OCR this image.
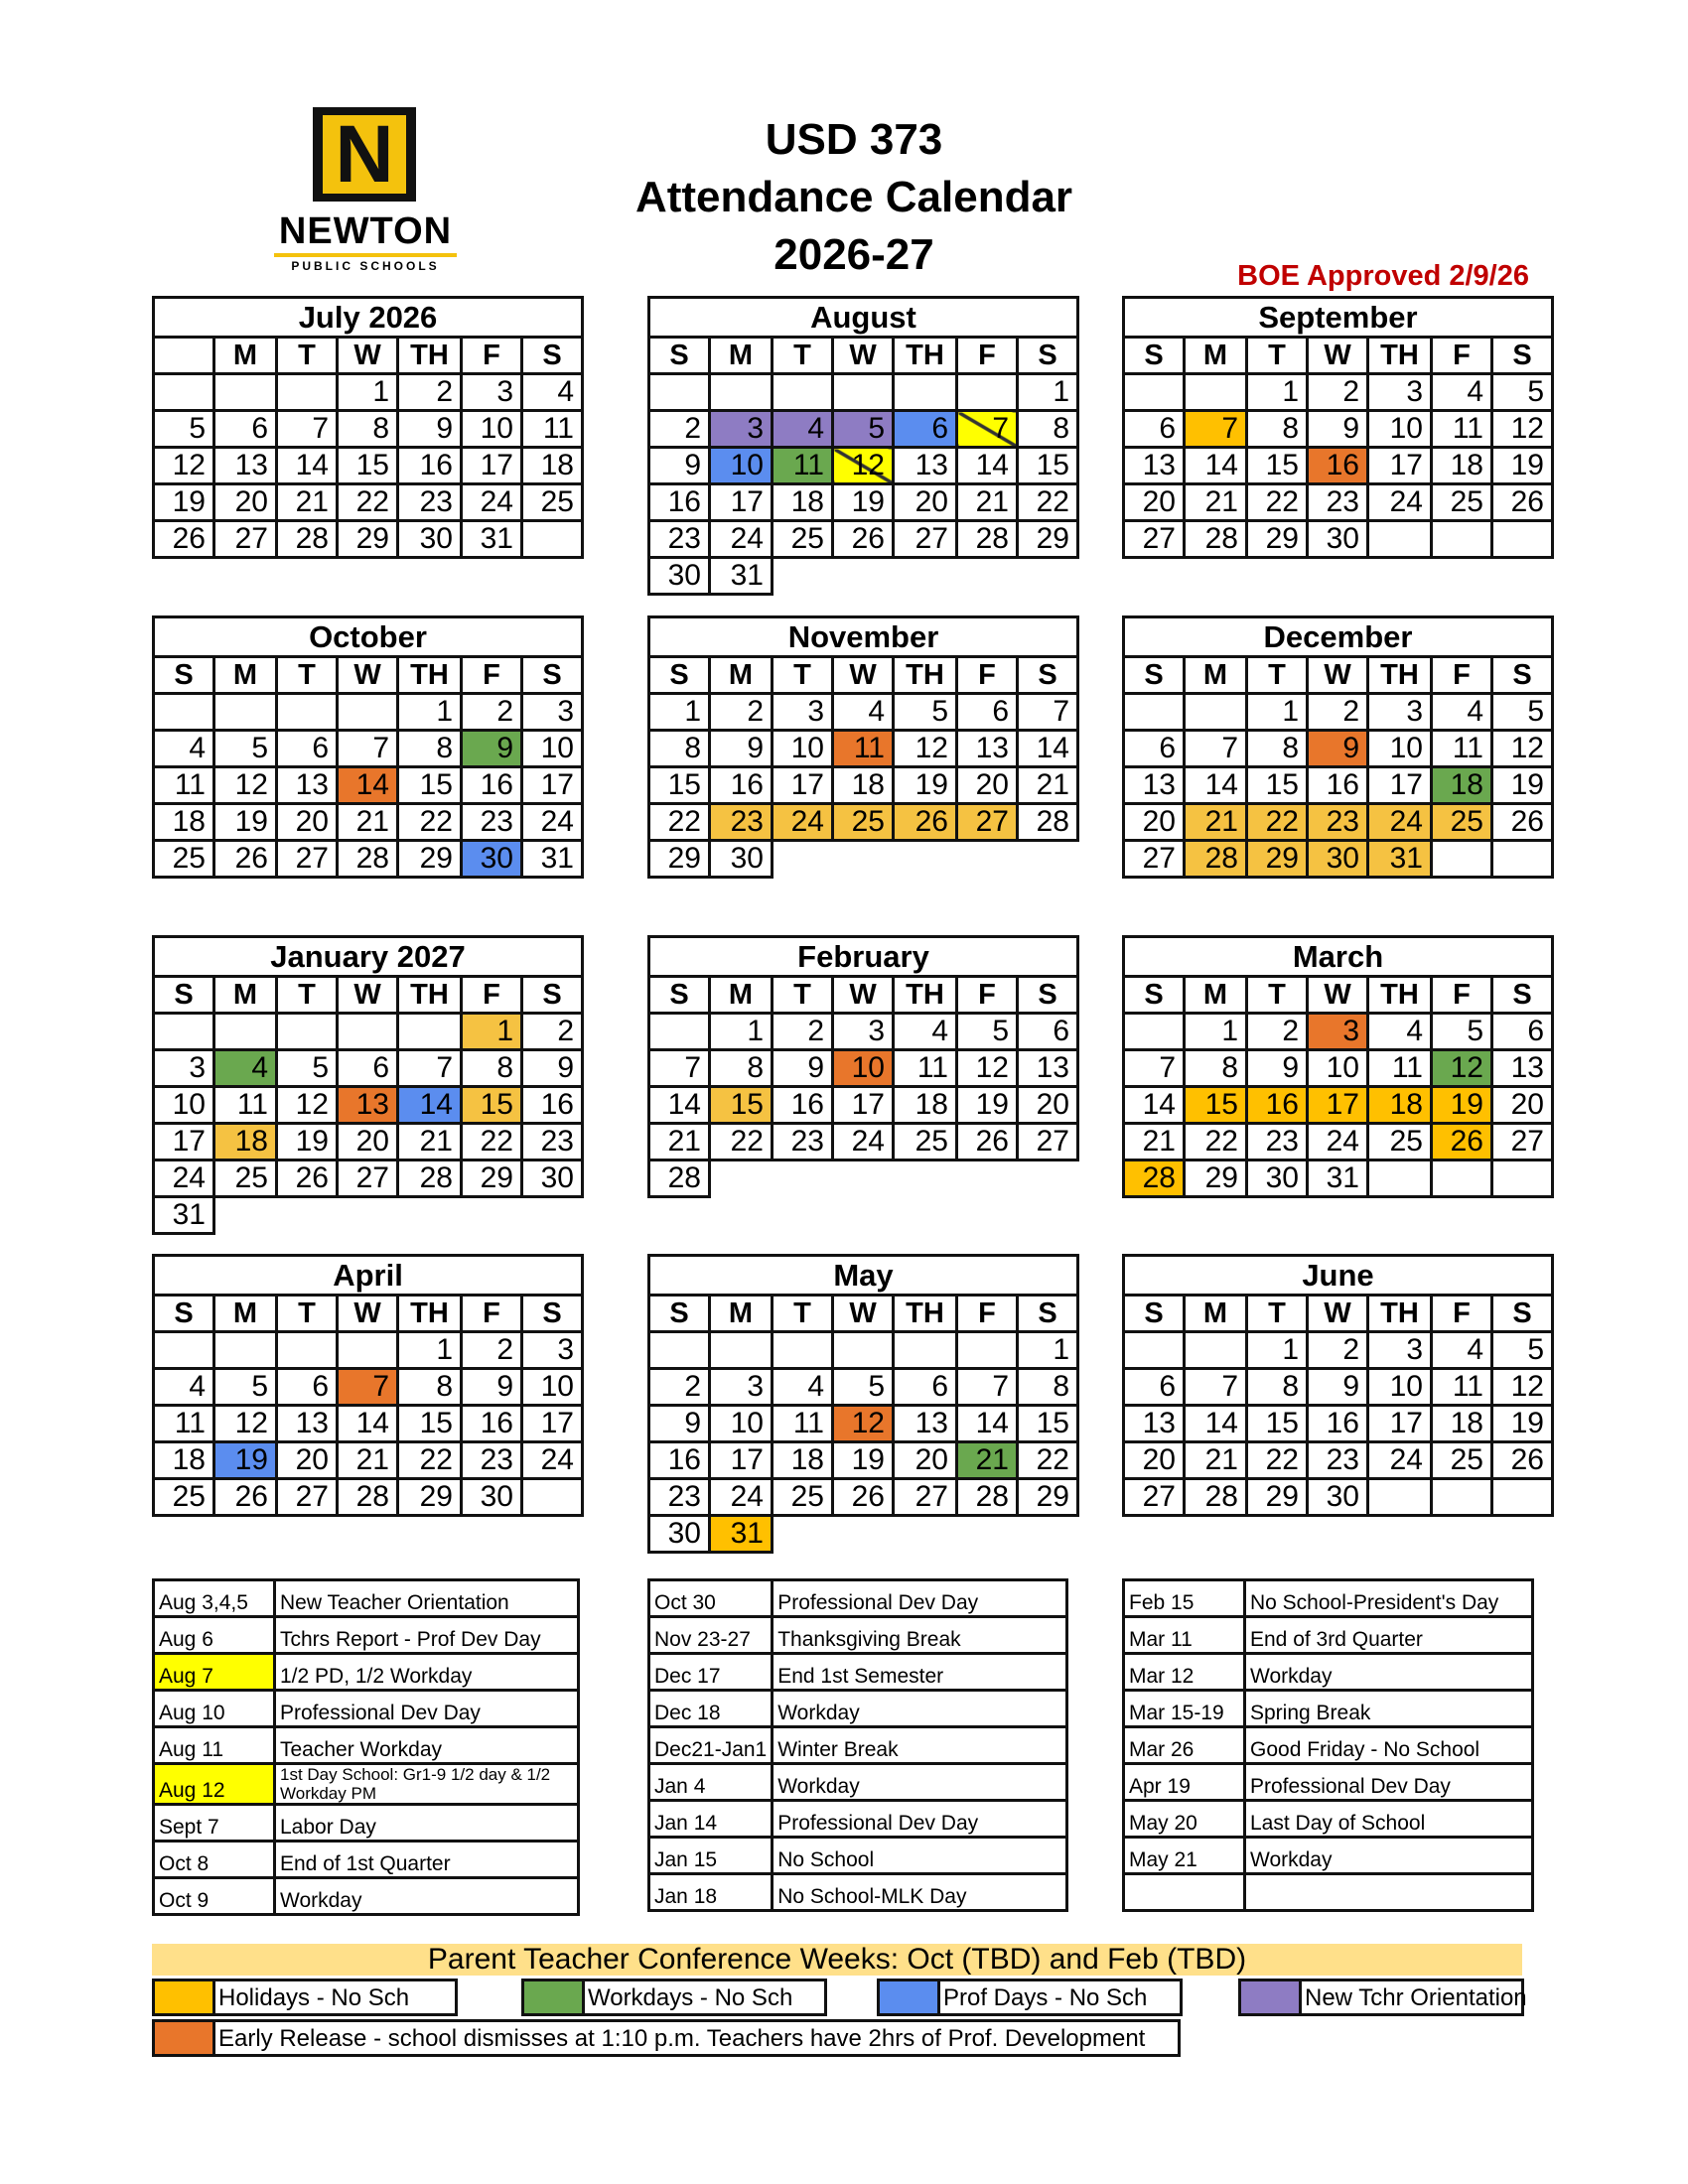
N
NEWTON
PUBLIC SCHOOLS
USD 373
Attendance Calendar
2026-27	BOE Approved 2/9/26
July 2026
	M	T	W	TH	F	S
			1	2	3	4
5	6	7	8	9	10	11
12	13	14	15	16	17	18
19	20	21	22	23	24	25
26	27	28	29	30	31	
August
S	M	T	W	TH	F	S
						1
2	3	4	5	6	7	8
9	10	11	12	13	14	15
16	17	18	19	20	21	22
23	24	25	26	27	28	29
30	31					
September
S	M	T	W	TH	F	S
		1	2	3	4	5
6	7	8	9	10	11	12
13	14	15	16	17	18	19
20	21	22	23	24	25	26
27	28	29	30			
October
S	M	T	W	TH	F	S
				1	2	3
4	5	6	7	8	9	10
11	12	13	14	15	16	17
18	19	20	21	22	23	24
25	26	27	28	29	30	31
November
S	M	T	W	TH	F	S
1	2	3	4	5	6	7
8	9	10	11	12	13	14
15	16	17	18	19	20	21
22	23	24	25	26	27	28
29	30					
December
S	M	T	W	TH	F	S
		1	2	3	4	5
6	7	8	9	10	11	12
13	14	15	16	17	18	19
20	21	22	23	24	25	26
27	28	29	30	31		
January 2027
S	M	T	W	TH	F	S
					1	2
3	4	5	6	7	8	9
10	11	12	13	14	15	16
17	18	19	20	21	22	23
24	25	26	27	28	29	30
31						
February
S	M	T	W	TH	F	S
	1	2	3	4	5	6
7	8	9	10	11	12	13
14	15	16	17	18	19	20
21	22	23	24	25	26	27
28						
March
S	M	T	W	TH	F	S
	1	2	3	4	5	6
7	8	9	10	11	12	13
14	15	16	17	18	19	20
21	22	23	24	25	26	27
28	29	30	31			
April
S	M	T	W	TH	F	S
				1	2	3
4	5	6	7	8	9	10
11	12	13	14	15	16	17
18	19	20	21	22	23	24
25	26	27	28	29	30	
May
S	M	T	W	TH	F	S
						1
2	3	4	5	6	7	8
9	10	11	12	13	14	15
16	17	18	19	20	21	22
23	24	25	26	27	28	29
30	31					
June
S	M	T	W	TH	F	S
		1	2	3	4	5
6	7	8	9	10	11	12
13	14	15	16	17	18	19
20	21	22	23	24	25	26
27	28	29	30			
Aug 3,4,5	New Teacher Orientation
Aug 6	Tchrs Report - Prof Dev Day
Aug 7	1/2 PD, 1/2 Workday
Aug 10	Professional Dev Day
Aug 11	Teacher Workday
Aug 12	1st Day School: Gr1-9 1/2 day & 1/2 Workday PM
Sept 7	Labor Day
Oct 8	End of 1st Quarter
Oct 9	Workday
Oct 30	Professional Dev Day
Nov 23-27	Thanksgiving Break
Dec 17	End 1st Semester
Dec 18	Workday
Dec21-Jan1	Winter Break
Jan 4	Workday
Jan 14	Professional Dev Day
Jan 15	No School
Jan 18	No School-MLK Day
Feb 15	No School-President's Day
Mar 11	End of 3rd Quarter
Mar 12	Workday
Mar 15-19	Spring Break
Mar 26	Good Friday - No School
Apr 19	Professional Dev Day
May 20	Last Day of School
May 21	Workday

Parent Teacher Conference Weeks: Oct (TBD) and Feb (TBD)
Holidays - No Sch	Workdays - No Sch	Prof Days - No Sch	New Tchr Orientation
Early Release - school dismisses at 1:10 p.m. Teachers have 2hrs of Prof. Development
